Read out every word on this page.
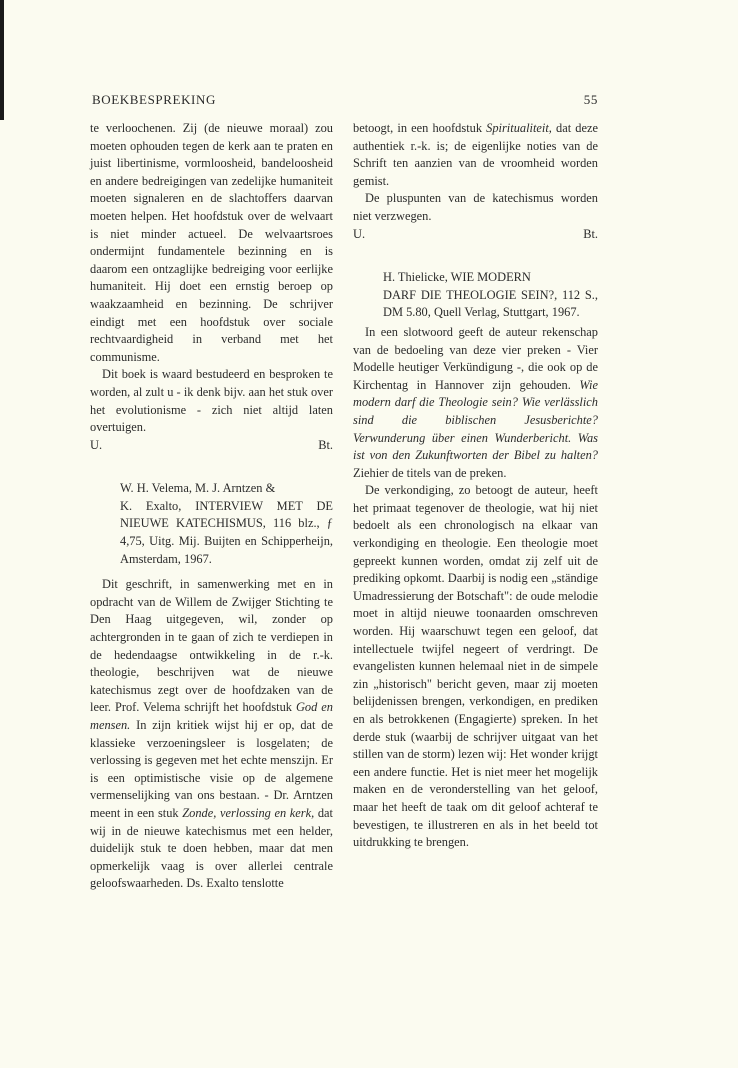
BOEKBESPREKING	55

te verloochenen. Zij (de nieuwe moraal) zou moeten ophouden tegen de kerk aan te praten en juist libertinisme, vormloosheid, bandeloosheid en andere bedreigingen van zedelijke humaniteit moeten signaleren en de slachtoffers daarvan moeten helpen. Het hoofdstuk over de welvaart is niet minder actueel. De welvaartsroes ondermijnt fundamentele bezinning en is daarom een ontzaglijke bedreiging voor eerlijke humaniteit. Hij doet een ernstig beroep op waakzaamheid en bezinning. De schrijver eindigt met een hoofdstuk over sociale rechtvaardigheid in verband met het communisme.

Dit boek is waard bestudeerd en besproken te worden, al zult u - ik denk bijv. aan het stuk over het evolutionisme - zich niet altijd laten overtuigen.

U.	Bt.
W. H. Velema, M. J. Arntzen &
K. Exalto, INTERVIEW MET DE NIEUWE KATECHISMUS, 116 blz., ƒ 4,75, Uitg. Mij. Buijten en Schipperheijn, Amsterdam, 1967.

Dit geschrift, in samenwerking met en in opdracht van de Willem de Zwijger Stichting te Den Haag uitgegeven, wil, zonder op achtergronden in te gaan of zich te verdiepen in de hedendaagse ontwikkeling in de r.-k. theologie, beschrijven wat de nieuwe katechismus zegt over de hoofdzaken van de leer. Prof. Velema schrijft het hoofdstuk God en mensen. In zijn kritiek wijst hij er op, dat de klassieke verzoeningsleer is losgelaten; de verlossing is gegeven met het echte menszijn. Er is een optimistische visie op de algemene vermenselijking van ons bestaan. - Dr. Arntzen meent in een stuk Zonde, verlossing en kerk, dat wij in de nieuwe katechismus met een helder, duidelijk stuk te doen hebben, maar dat men opmerkelijk vaag is over allerlei centrale geloofswaarheden. Ds. Exalto tenslotte

betoogt, in een hoofdstuk Spiritualiteit, dat deze authentiek r.-k. is; de eigenlijke noties van de Schrift ten aanzien van de vroomheid worden gemist.

De pluspunten van de katechismus worden niet verzwegen.

U.	Bt.
H. Thielicke, WIE MODERN
DARF DIE THEOLOGIE SEIN?, 112 S., DM 5.80, Quell Verlag, Stuttgart, 1967.

In een slotwoord geeft de auteur rekenschap van de bedoeling van deze vier preken - Vier Modelle heutiger Verkündigung -, die ook op de Kirchentag in Hannover zijn gehouden. Wie modern darf die Theologie sein? Wie verlässlich sind die biblischen Jesusberichte? Verwunderung über einen Wunderbericht. Was ist von den Zukunftworten der Bibel zu halten? Ziehier de titels van de preken.

De verkondiging, zo betoogt de auteur, heeft het primaat tegenover de theologie, wat hij niet bedoelt als een chronologisch na elkaar van verkondiging en theologie. Een theologie moet gepreekt kunnen worden, omdat zij zelf uit de prediking opkomt. Daarbij is nodig een „ständige Umadressierung der Botschaft": de oude melodie moet in altijd nieuwe toonaarden omschreven worden. Hij waarschuwt tegen een geloof, dat intellectuele twijfel negeert of verdringt. De evangelisten kunnen helemaal niet in de simpele zin „historisch" bericht geven, maar zij moeten belijdenissen brengen, verkondigen, en prediken en als betrokkenen (Engagierte) spreken. In het derde stuk (waarbij de schrijver uitgaat van het stillen van de storm) lezen wij: Het wonder krijgt een andere functie. Het is niet meer het mogelijk maken en de veronderstelling van het geloof, maar het heeft de taak om dit geloof achteraf te bevestigen, te illustreren en als in het beeld tot uitdrukking te brengen.
